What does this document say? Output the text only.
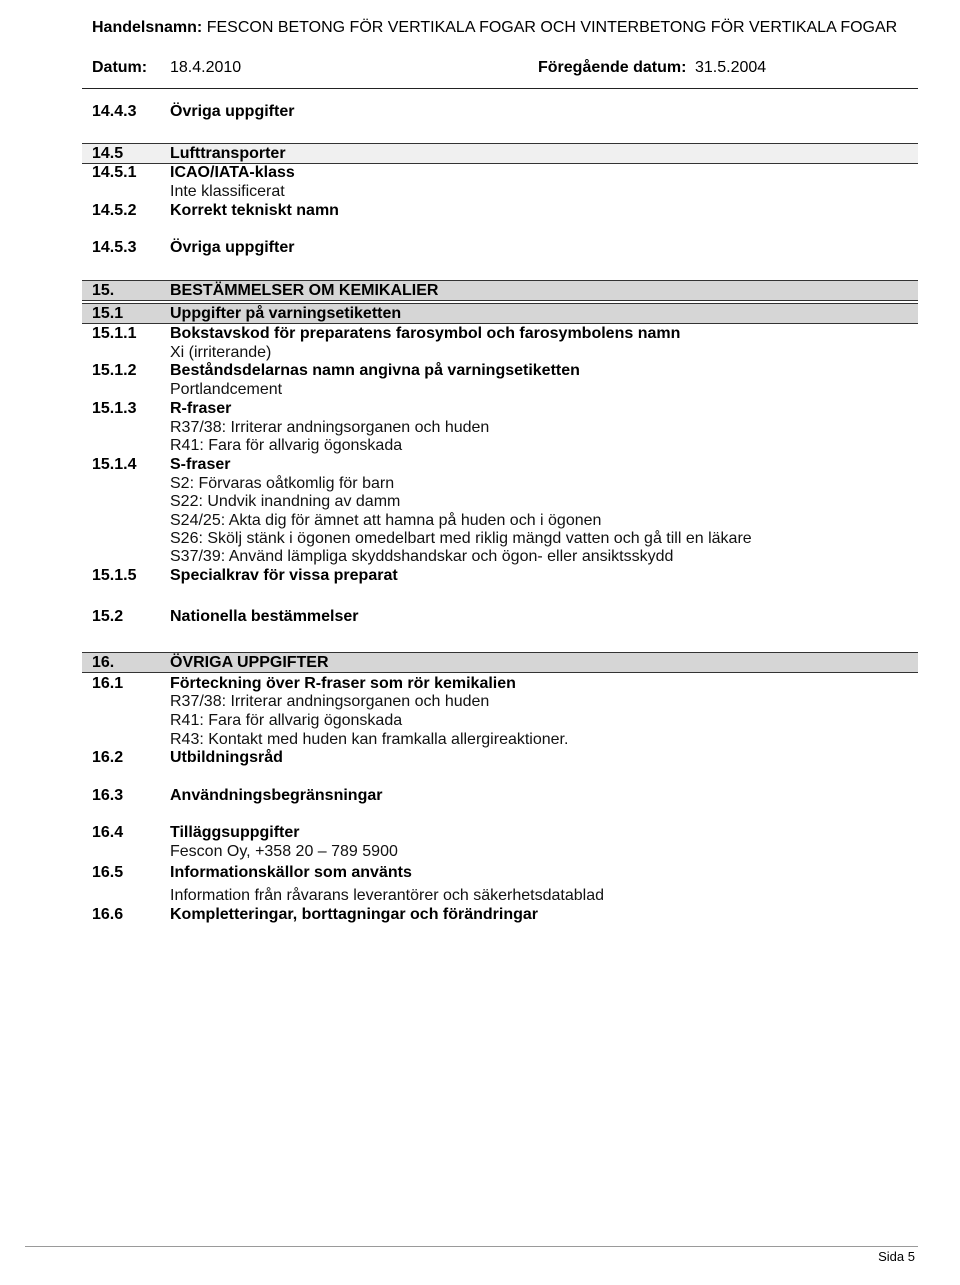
Handelsnamn: FESCON BETONG FÖR VERTIKALA FOGAR OCH VINTERBETONG FÖR VERTIKALA FOGAR
Datum: 18.4.2010	Föregående datum: 31.5.2004
14.4.3 Övriga uppgifter
14.5	Lufttransporter
14.5.1 ICAO/IATA-klass
Inte klassificerat
14.5.2 Korrekt tekniskt namn
14.5.3 Övriga uppgifter
15.	BESTÄMMELSER OM KEMIKALIER
15.1	Uppgifter på varningsetiketten
15.1.1 Bokstavskod för preparatens farosymbol och farosymbolens namn
Xi (irriterande)
15.1.2 Beståndsdelarnas namn angivna på varningsetiketten
Portlandcement
15.1.3 R-fraser
R37/38: Irriterar andningsorganen och huden
R41: Fara för allvarig ögonskada
15.1.4 S-fraser
S2: Förvaras oåtkomlig för barn
S22: Undvik inandning av damm
S24/25: Akta dig för ämnet att hamna på huden och i ögonen
S26: Skölj stänk i ögonen omedelbart med riklig mängd vatten och gå till en läkare
S37/39: Använd lämpliga skyddshandskar och ögon- eller ansiktsskydd
15.1.5 Specialkrav för vissa preparat
15.2	Nationella bestämmelser
16.	ÖVRIGA UPPGIFTER
16.1	Förteckning över R-fraser som rör kemikalien
R37/38: Irriterar andningsorganen och huden
R41: Fara för allvarig ögonskada
R43: Kontakt med huden kan framkalla allergireaktioner.
16.2	Utbildningsråd
16.3	Användningsbegränsningar
16.4	Tilläggsuppgifter
Fescon Oy, +358 20 – 789 5900
16.5	Informationskällor som använts
Information från råvarans leverantörer och säkerhetsdatablad
16.6	Kompletteringar, borttagningar och förändringar
Sida 5
